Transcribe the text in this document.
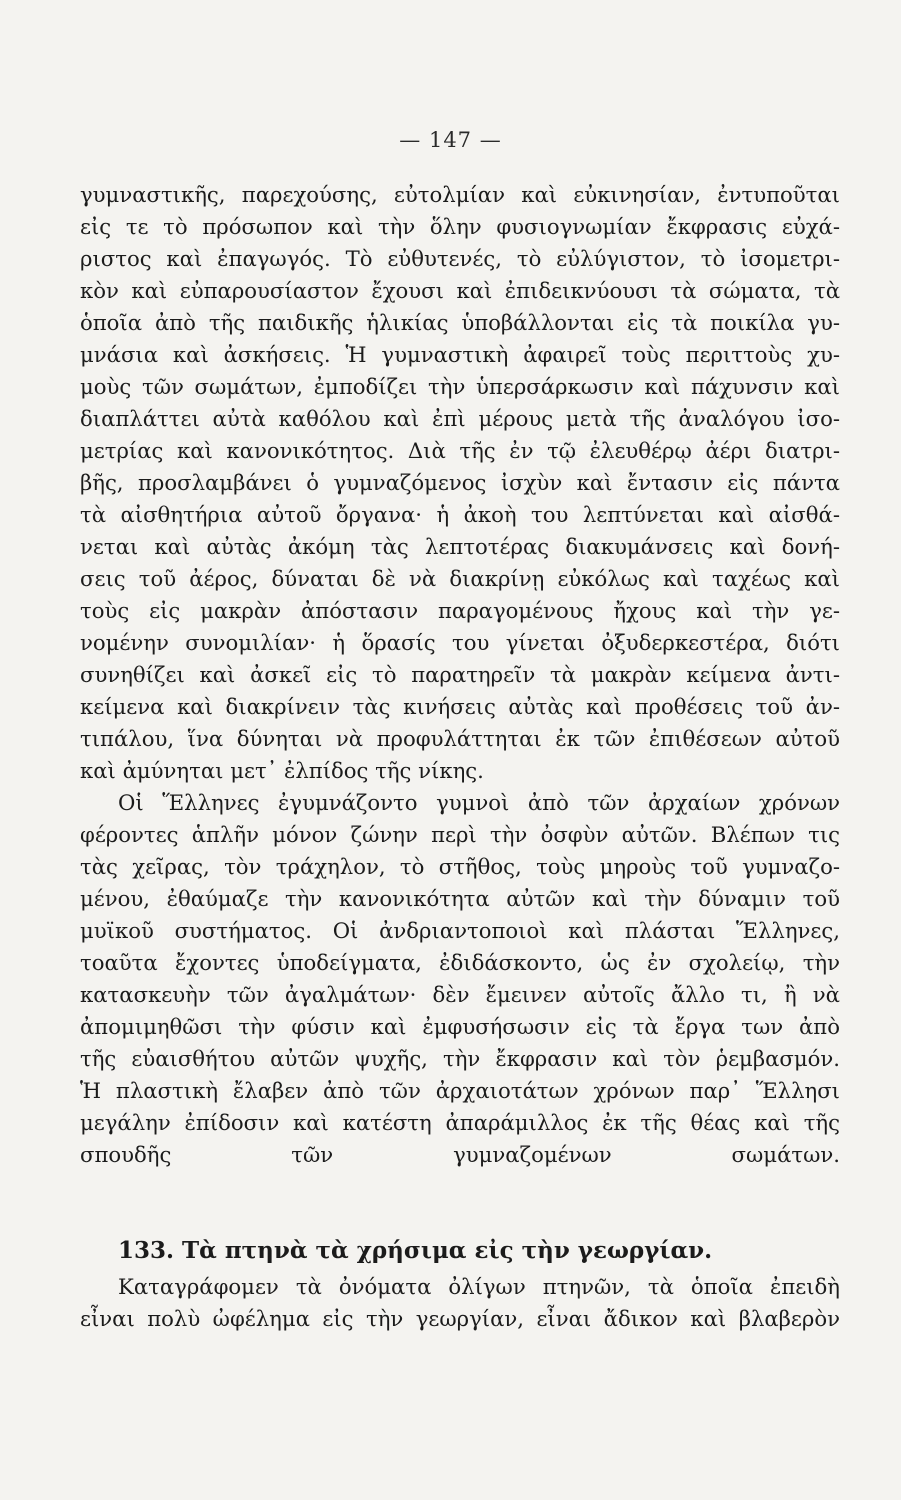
— 147 —
γυμναστικῆς, παρεχούσης, εὐτολμίαν καὶ εὐκινησίαν, ἐντυποῦται
εἰς τε τὸ πρόσωπον καὶ τὴν ὅλην φυσιογνωμίαν ἔκφρασις εὐχά-
ριστος καὶ ἐπαγωγός. Τὸ εὐθυτενές, τὸ εὐλύγιστον, τὸ ἰσομετρι-
κὸν καὶ εὐπαρουσίαστον ἔχουσι καὶ ἐπιδεικνύουσι τὰ σώματα, τὰ
ὁποῖα ἀπὸ τῆς παιδικῆς ἡλικίας ὑποβάλλονται εἰς τὰ ποικίλα γυ-
μνάσια καὶ ἀσκήσεις. Ἡ γυμναστικὴ ἀφαιρεῖ τοὺς περιττοὺς χυ-
μοὺς τῶν σωμάτων, ἐμποδίζει τὴν ὑπερσάρκωσιν καὶ πάχυνσιν καὶ
διαπλάττει αὐτὰ καθόλου καὶ ἐπὶ μέρους μετὰ τῆς ἀναλόγου ἰσο-
μετρίας καὶ κανονικότητος. Διὰ τῆς ἐν τῷ ἐλευθέρῳ ἀέρι διατρι-
βῆς, προσλαμβάνει ὁ γυμναζόμενος ἰσχὺν καὶ ἔντασιν εἰς πάντα
τὰ αἰσθητήρια αὐτοῦ ὄργανα· ἡ ἀκοὴ του λεπτύνεται καὶ αἰσθά-
νεται καὶ αὐτὰς ἀκόμη τὰς λεπτοτέρας διακυμάνσεις καὶ δονή-
σεις τοῦ ἀέρος, δύναται δὲ νὰ διακρίνῃ εὐκόλως καὶ ταχέως καὶ
τοὺς εἰς μακρὰν ἀπόστασιν παραγομένους ἤχους καὶ τὴν γε-
νομένην συνομιλίαν· ἡ ὅρασίς του γίνεται ὀξυδερκεστέρα, διότι
συνηθίζει καὶ ἀσκεῖ εἰς τὸ παρατηρεῖν τὰ μακρὰν κείμενα ἀντι-
κείμενα καὶ διακρίνειν τὰς κινήσεις αὐτὰς καὶ προθέσεις τοῦ ἀν-
τιπάλου, ἵνα δύνηται νὰ προφυλάττηται ἐκ τῶν ἐπιθέσεων αὐτοῦ
καὶ ἀμύνηται μετ᾽ ἐλπίδος τῆς νίκης.
Οἱ Ἕλληνες ἐγυμνάζοντο γυμνοὶ ἀπὸ τῶν ἀρχαίων χρόνων
φέροντες ἁπλῆν μόνον ζώνην περὶ τὴν ὀσφὺν αὐτῶν. Βλέπων τις
τὰς χεῖρας, τὸν τράχηλον, τὸ στῆθος, τοὺς μηροὺς τοῦ γυμναζο-
μένου, ἐθαύμαζε τὴν κανονικότητα αὐτῶν καὶ τὴν δύναμιν τοῦ
μυϊκοῦ συστήματος. Οἱ ἀνδριαντοποιοὶ καὶ πλάσται Ἕλληνες,
τοαῦτα ἔχοντες ὑποδείγματα, ἐδιδάσκοντο, ὡς ἐν σχολείῳ, τὴν
κατασκευὴν τῶν ἀγαλμάτων· δὲν ἔμεινεν αὐτοῖς ἄλλο τι, ἢ νὰ
ἀπομιμηθῶσι τὴν φύσιν καὶ ἐμφυσήσωσιν εἰς τὰ ἔργα των ἀπὸ
τῆς εὐαισθήτου αὐτῶν ψυχῆς, τὴν ἔκφρασιν καὶ τὸν ῥεμβασμόν.
Ἡ πλαστικὴ ἔλαβεν ἀπὸ τῶν ἀρχαιοτάτων χρόνων παρ᾽ Ἕλλησι
μεγάλην ἐπίδοσιν καὶ κατέστη ἀπαράμιλλος ἐκ τῆς θέας καὶ τῆς
σπουδῆς τῶν γυμναζομένων σωμάτων.
133. Τὰ πτηνὰ τὰ χρήσιμα εἰς τὴν γεωργίαν.
Καταγράφομεν τὰ ὀνόματα ὀλίγων πτηνῶν, τὰ ὁποῖα ἐπειδὴ
εἶναι πολὺ ὠφέλημα εἰς τὴν γεωργίαν, εἶναι ἄδικον καὶ βλαβερὸν
